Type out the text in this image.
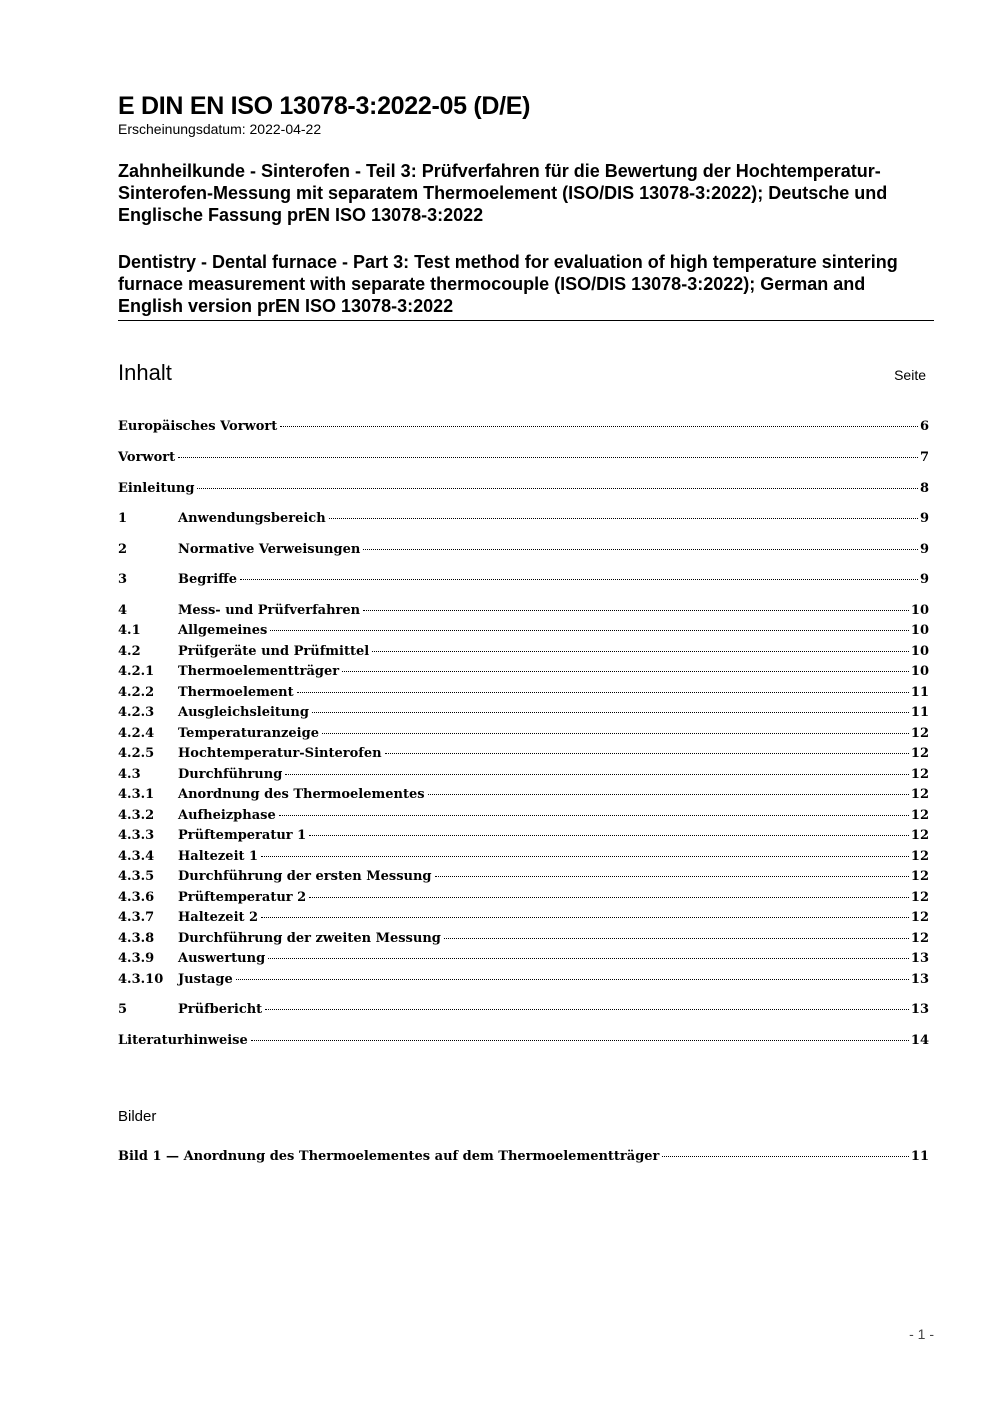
E DIN EN ISO 13078-3:2022-05 (D/E)
Erscheinungsdatum: 2022-04-22
Zahnheilkunde - Sinterofen - Teil 3: Prüfverfahren für die Bewertung der Hochtemperatur-Sinterofen-Messung mit separatem Thermoelement (ISO/DIS 13078-3:2022); Deutsche und Englische Fassung prEN ISO 13078-3:2022
Dentistry - Dental furnace - Part 3: Test method for evaluation of high temperature sintering furnace measurement with separate thermocouple (ISO/DIS 13078-3:2022); German and English version prEN ISO 13078-3:2022
Inhalt	Seite
Europäisches Vorwort	6
Vorwort	7
Einleitung	8
1	Anwendungsbereich	9
2	Normative Verweisungen	9
3	Begriffe	9
4	Mess- und Prüfverfahren	10
4.1	Allgemeines	10
4.2	Prüfgeräte und Prüfmittel	10
4.2.1	Thermoelementträger	10
4.2.2	Thermoelement	11
4.2.3	Ausgleichsleitung	11
4.2.4	Temperaturanzeige	12
4.2.5	Hochtemperatur-Sinterofen	12
4.3	Durchführung	12
4.3.1	Anordnung des Thermoelementes	12
4.3.2	Aufheizphase	12
4.3.3	Prüftemperatur 1	12
4.3.4	Haltezeit 1	12
4.3.5	Durchführung der ersten Messung	12
4.3.6	Prüftemperatur 2	12
4.3.7	Haltezeit 2	12
4.3.8	Durchführung der zweiten Messung	12
4.3.9	Auswertung	13
4.3.10	Justage	13
5	Prüfbericht	13
Literaturhinweise	14
Bilder
Bild 1 — Anordnung des Thermoelementes auf dem Thermoelementträger	11
- 1 -
